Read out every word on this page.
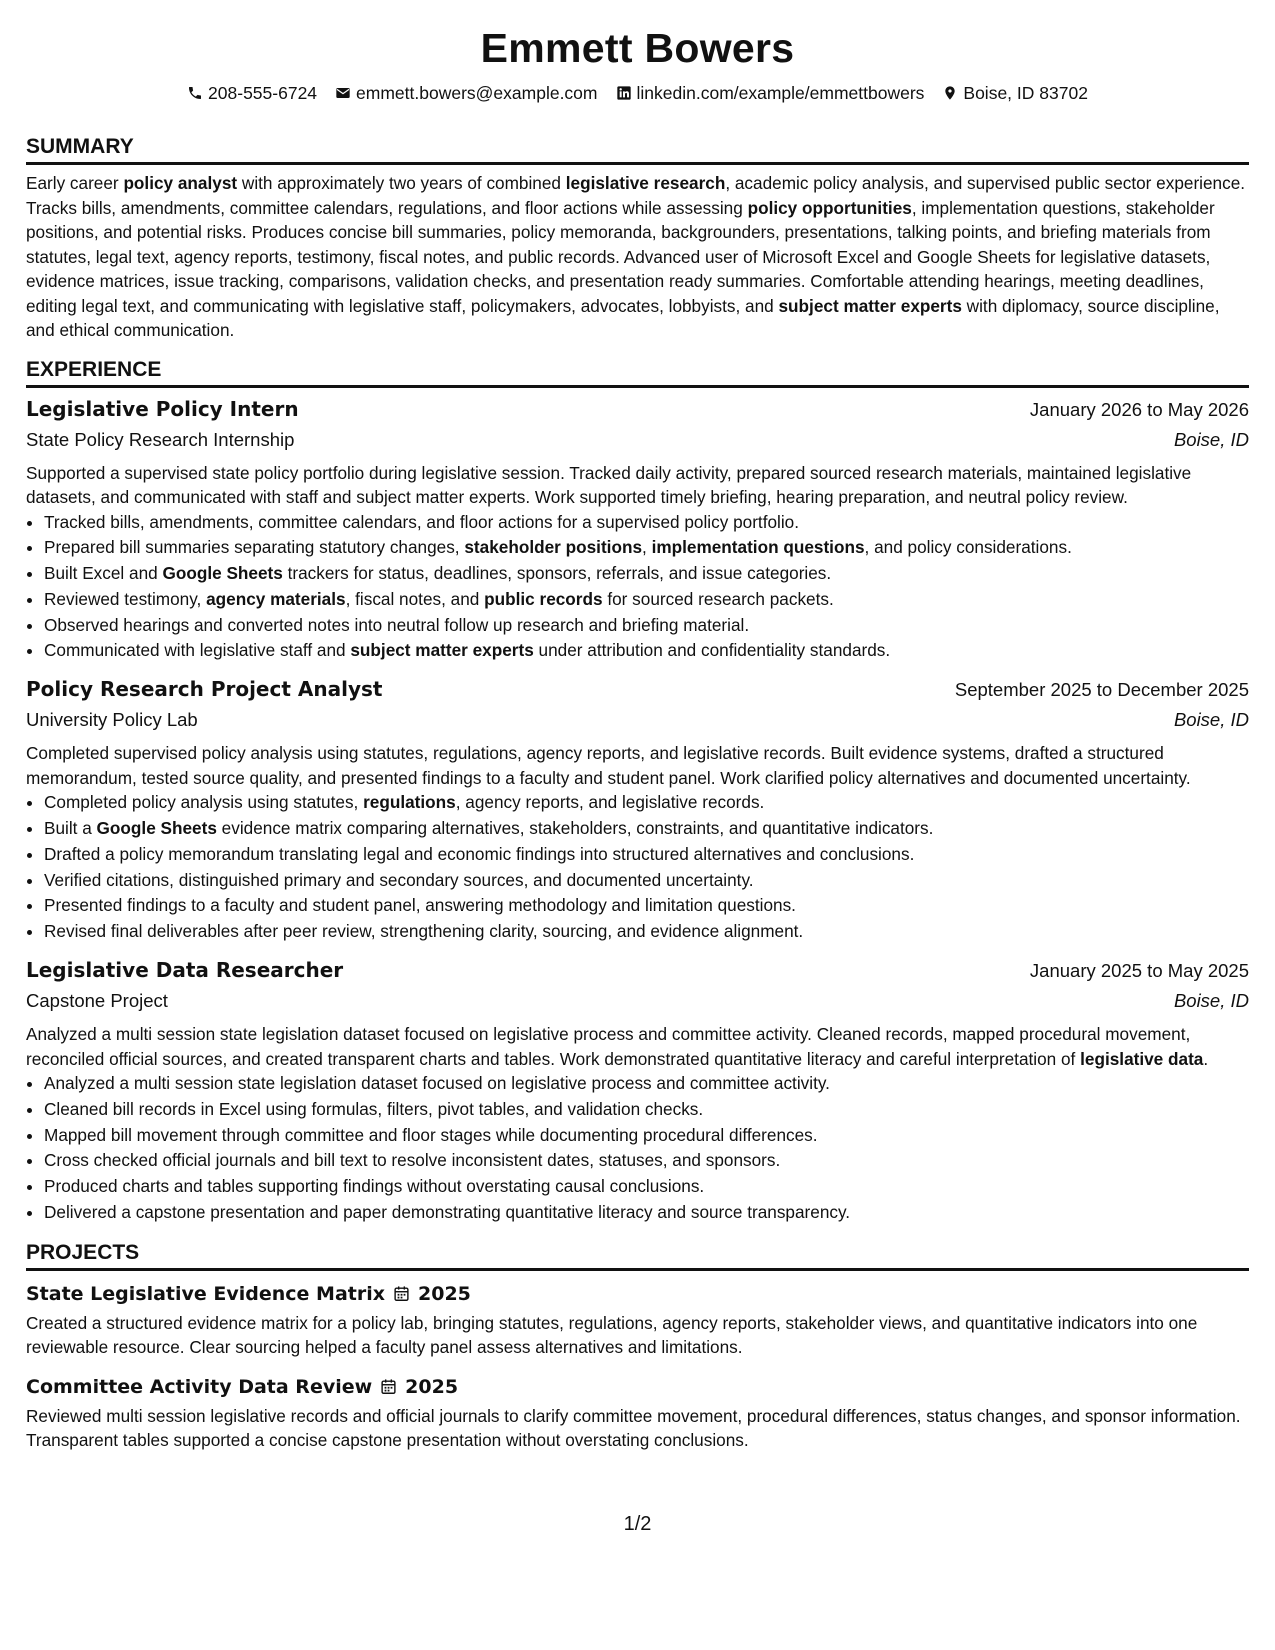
Emmett Bowers
208-555-6724 emmett.bowers@example.com linkedin.com/example/emmettbowers Boise, ID 83702
SUMMARY

Early career policy analyst with approximately two years of combined legislative research, academic policy analysis, and supervised public sector experience. Tracks bills, amendments, committee calendars, regulations, and floor actions while assessing policy opportunities, implementation questions, stakeholder positions, and potential risks. Produces concise bill summaries, policy memoranda, backgrounders, presentations, talking points, and briefing materials from statutes, legal text, agency reports, testimony, fiscal notes, and public records. Advanced user of Microsoft Excel and Google Sheets for legislative datasets, evidence matrices, issue tracking, comparisons, validation checks, and presentation ready summaries. Comfortable attending hearings, meeting deadlines, editing legal text, and communicating with legislative staff, policymakers, advocates, lobbyists, and subject matter experts with diplomacy, source discipline, and ethical communication.

EXPERIENCE
Legislative Policy Intern	January 2026 to May 2026
State Policy Research Internship	Boise, ID

Supported a supervised state policy portfolio during legislative session. Tracked daily activity, prepared sourced research materials, maintained legislative datasets, and communicated with staff and subject matter experts. Work supported timely briefing, hearing preparation, and neutral policy review.

• Tracked bills, amendments, committee calendars, and floor actions for a supervised policy portfolio.
• Prepared bill summaries separating statutory changes, stakeholder positions, implementation questions, and policy considerations.
• Built Excel and Google Sheets trackers for status, deadlines, sponsors, referrals, and issue categories.
• Reviewed testimony, agency materials, fiscal notes, and public records for sourced research packets.
• Observed hearings and converted notes into neutral follow up research and briefing material.
• Communicated with legislative staff and subject matter experts under attribution and confidentiality standards.
Policy Research Project Analyst	September 2025 to December 2025
University Policy Lab	Boise, ID

Completed supervised policy analysis using statutes, regulations, agency reports, and legislative records. Built evidence systems, drafted a structured memorandum, tested source quality, and presented findings to a faculty and student panel. Work clarified policy alternatives and documented uncertainty.

• Completed policy analysis using statutes, regulations, agency reports, and legislative records.
• Built a Google Sheets evidence matrix comparing alternatives, stakeholders, constraints, and quantitative indicators.
• Drafted a policy memorandum translating legal and economic findings into structured alternatives and conclusions.
• Verified citations, distinguished primary and secondary sources, and documented uncertainty.
• Presented findings to a faculty and student panel, answering methodology and limitation questions.
• Revised final deliverables after peer review, strengthening clarity, sourcing, and evidence alignment.
Legislative Data Researcher	January 2025 to May 2025
Capstone Project	Boise, ID

Analyzed a multi session state legislation dataset focused on legislative process and committee activity. Cleaned records, mapped procedural movement, reconciled official sources, and created transparent charts and tables. Work demonstrated quantitative literacy and careful interpretation of legislative data.

• Analyzed a multi session state legislation dataset focused on legislative process and committee activity.
• Cleaned bill records in Excel using formulas, filters, pivot tables, and validation checks.
• Mapped bill movement through committee and floor stages while documenting procedural differences.
• Cross checked official journals and bill text to resolve inconsistent dates, statuses, and sponsors.
• Produced charts and tables supporting findings without overstating causal conclusions.
• Delivered a capstone presentation and paper demonstrating quantitative literacy and source transparency.
PROJECTS
State Legislative Evidence Matrix 2025

Created a structured evidence matrix for a policy lab, bringing statutes, regulations, agency reports, stakeholder views, and quantitative indicators into one reviewable resource. Clear sourcing helped a faculty panel assess alternatives and limitations.

Committee Activity Data Review 2025

Reviewed multi session legislative records and official journals to clarify committee movement, procedural differences, status changes, and sponsor information. Transparent tables supported a concise capstone presentation without overstating conclusions.

1/2
